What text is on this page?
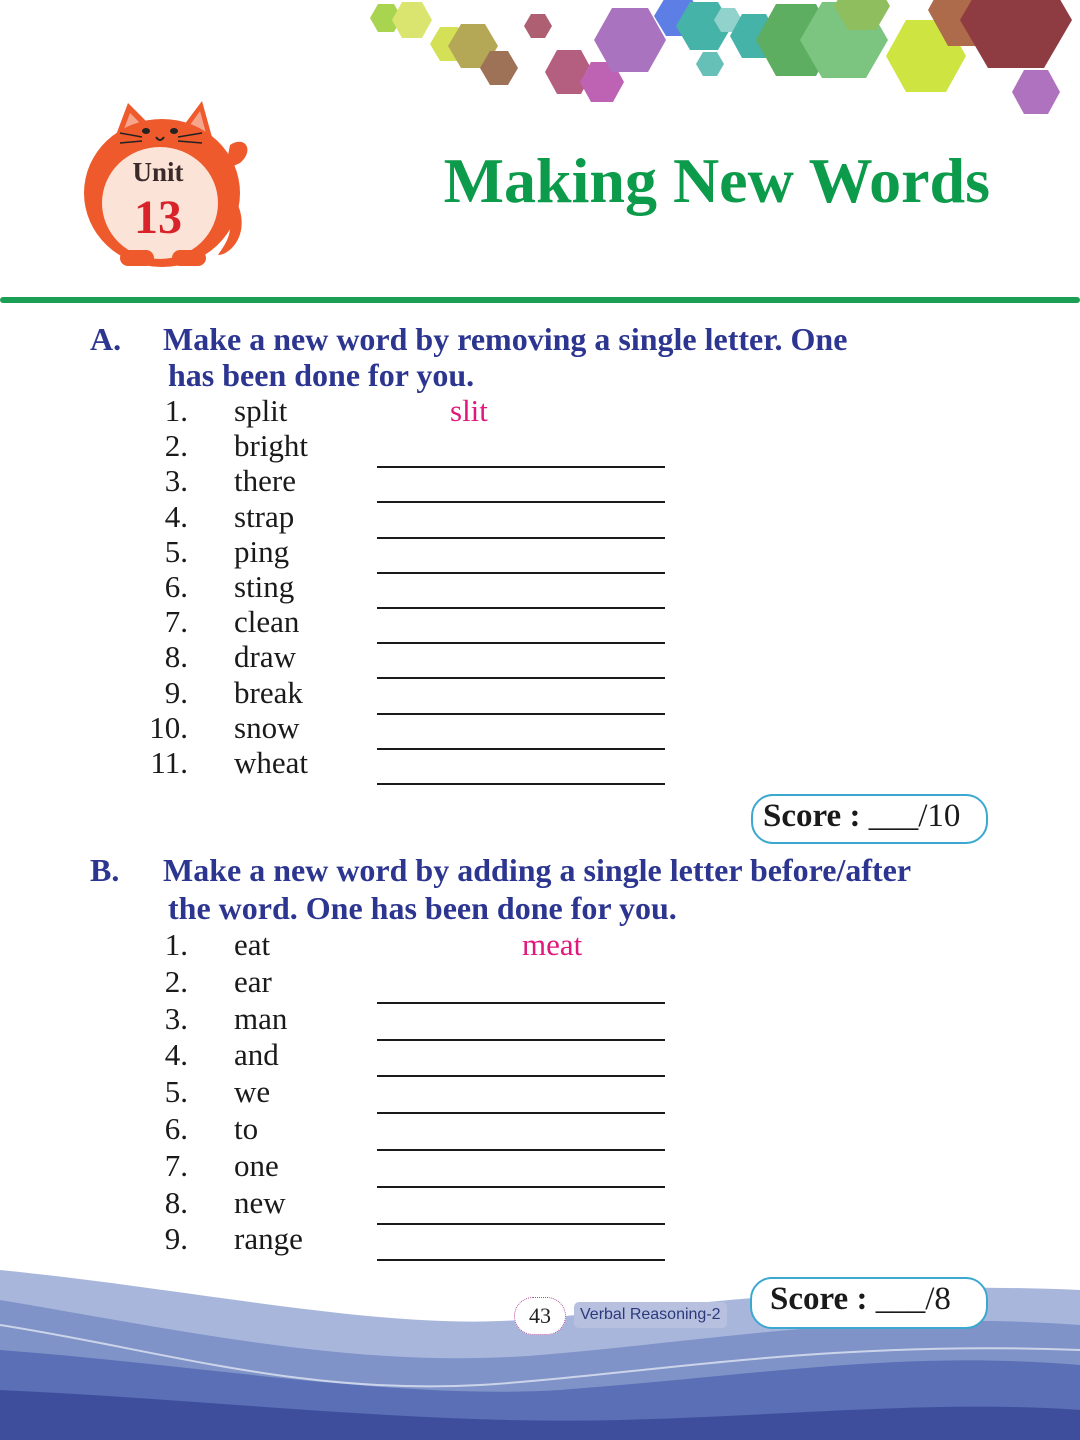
Unit
13
Making New Words
A. Make a new word by removing a single letter. One
has been done for you.
1. split	slit
2. bright
3. there
4. strap
5. ping
6. sting
7. clean
8. draw
9. break
10. snow
11. wheat
Score : ___/10
B. Make a new word by adding a single letter before/after
the word. One has been done for you.
1. eat	meat
2. ear
3. man
4. and
5. we
6. to
7. one
8. new
9. range
43	Verbal Reasoning-2	Score : ___/8
